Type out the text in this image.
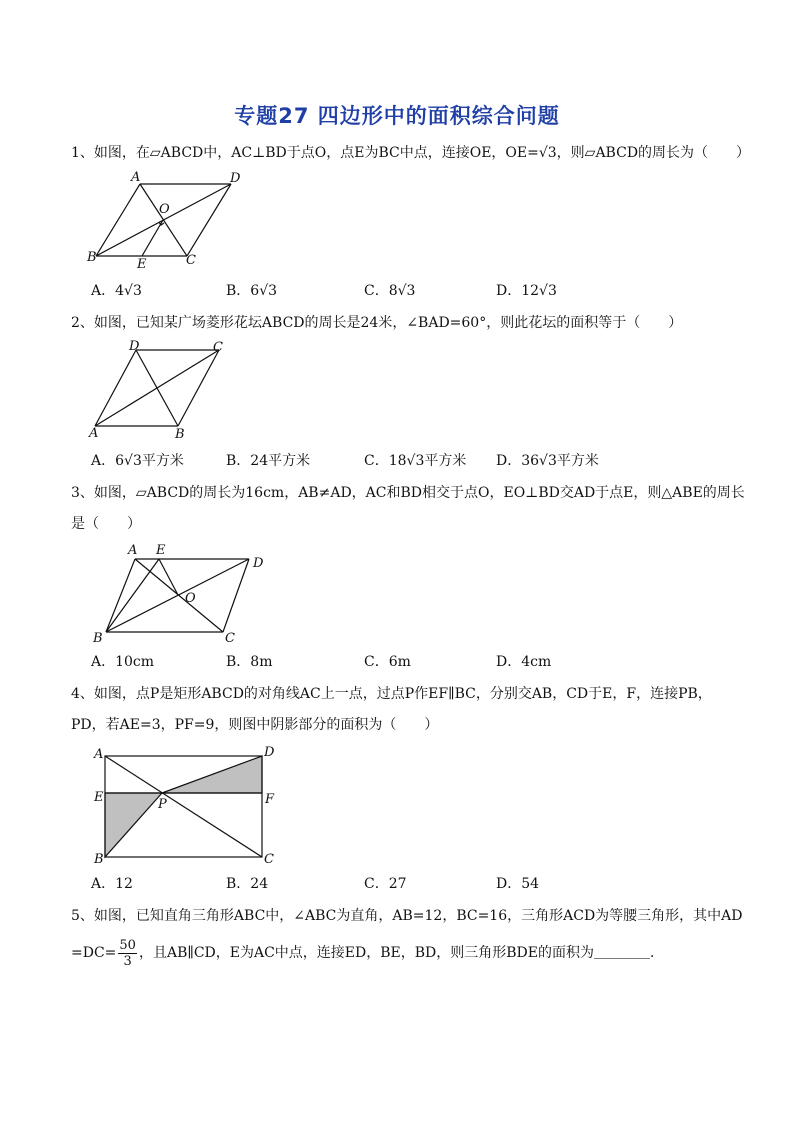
专题27 四边形中的面积综合问题
1、如图，在▱ABCD中，AC⊥BD于点O，点E为BC中点，连接OE，OE=√3，则▱ABCD的周长为（　　）
A	D
O
B	E	C
A．4√3	B．6√3	C．8√3	D．12√3
2、如图，已知某广场菱形花坛ABCD的周长是24米，∠BAD=60°，则此花坛的面积等于（　　）
D	C
A	B
A．6√3平方米	B．24平方米	C．18√3平方米 D．36√3平方米
3、如图，▱ABCD的周长为16cm，AB≠AD，AC和BD相交于点O，EO⊥BD交AD于点E，则△ABE的周长
是（　　）
A E
D
O
B	C
A．10cm	B．8m	C．6m	D．4cm
4、如图，点P是矩形ABCD的对角线AC上一点，过点P作EF∥BC，分别交AB，CD于E，F，连接PB，
PD，若AE=3，PF=9，则图中阴影部分的面积为（　　）
A	D
E	F
P
B	C
A．12	B．24	C．27	D．54
5、如图，已知直角三角形ABC中，∠ABC为直角，AB=12，BC=16，三角形ACD为等腰三角形，其中AD
$=DC= \frac{50}{3}$ ，且AB∥CD，E为AC中点，连接ED，BE，BD，则三角形BDE的面积为＿＿＿＿．
